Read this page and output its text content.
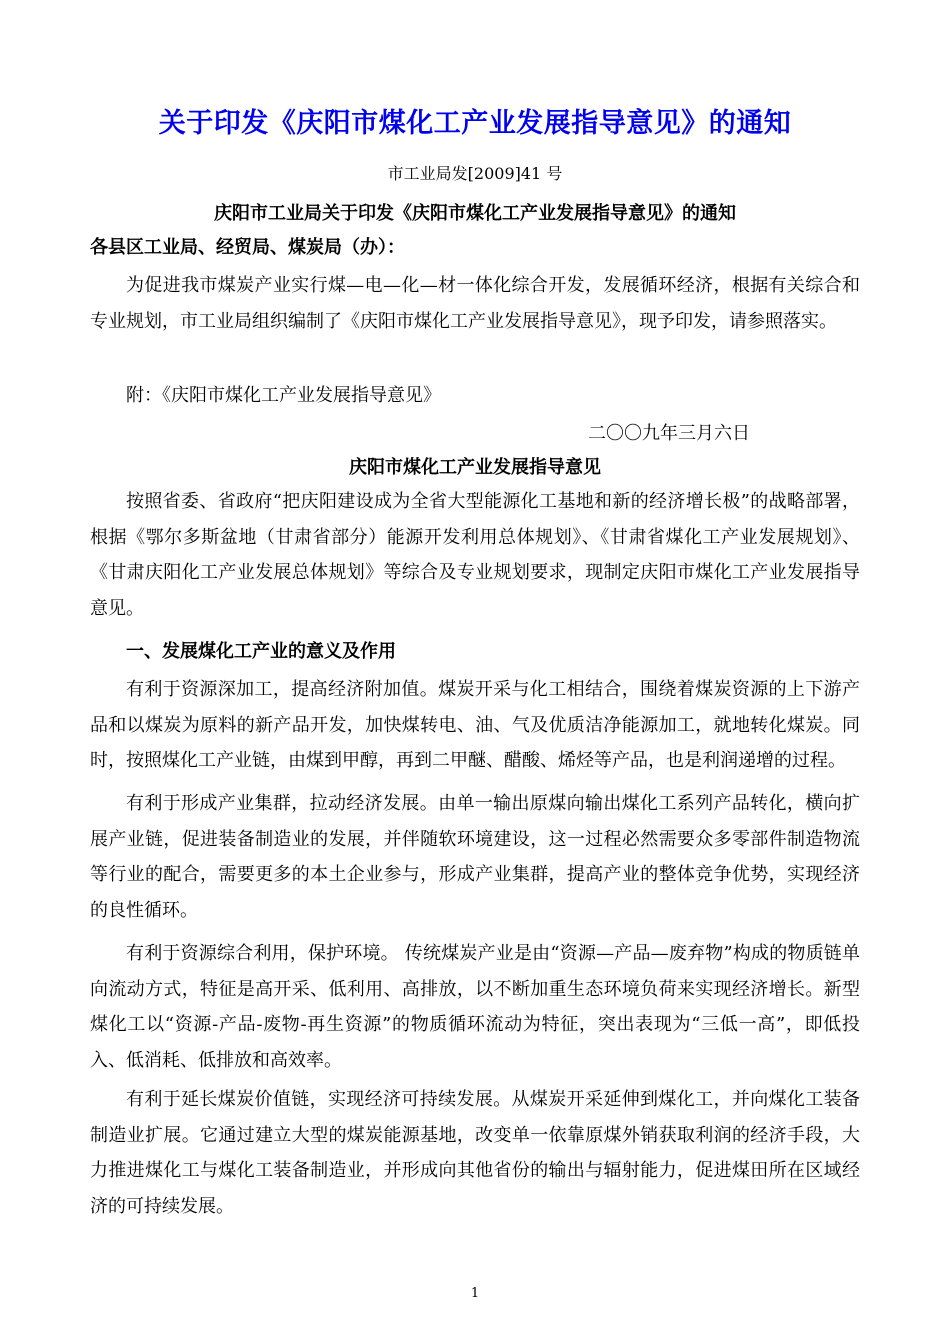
关于印发《庆阳市煤化工产业发展指导意见》的通知
市工业局发[2009]41 号
庆阳市工业局关于印发《庆阳市煤化工产业发展指导意见》的通知
各县区工业局、经贸局、煤炭局（办）：
为促进我市煤炭产业实行煤—电—化—材一体化综合开发，发展循环经济，根据有关综合和专业规划，市工业局组织编制了《庆阳市煤化工产业发展指导意见》，现予印发，请参照落实。
附：《庆阳市煤化工产业发展指导意见》
二〇〇九年三月六日
庆阳市煤化工产业发展指导意见
按照省委、省政府“把庆阳建设成为全省大型能源化工基地和新的经济增长极”的战略部署，根据《鄂尔多斯盆地（甘肃省部分）能源开发利用总体规划》、《甘肃省煤化工产业发展规划》、《甘肃庆阳化工产业发展总体规划》等综合及专业规划要求，现制定庆阳市煤化工产业发展指导意见。
一、发展煤化工产业的意义及作用
有利于资源深加工，提高经济附加值。煤炭开采与化工相结合，围绕着煤炭资源的上下游产品和以煤炭为原料的新产品开发，加快煤转电、油、气及优质洁净能源加工，就地转化煤炭。同时，按照煤化工产业链，由煤到甲醇，再到二甲醚、醋酸、烯烃等产品，也是利润递增的过程。
有利于形成产业集群，拉动经济发展。由单一输出原煤向输出煤化工系列产品转化，横向扩展产业链，促进装备制造业的发展，并伴随软环境建设，这一过程必然需要众多零部件制造物流等行业的配合，需要更多的本土企业参与，形成产业集群，提高产业的整体竞争优势，实现经济的良性循环。
有利于资源综合利用，保护环境。 传统煤炭产业是由“资源—产品—废弃物”构成的物质链单向流动方式，特征是高开采、低利用、高排放，以不断加重生态环境负荷来实现经济增长。新型煤化工以“资源-产品-废物-再生资源”的物质循环流动为特征，突出表现为“三低一高”，即低投入、低消耗、低排放和高效率。
有利于延长煤炭价值链，实现经济可持续发展。从煤炭开采延伸到煤化工，并向煤化工装备制造业扩展。它通过建立大型的煤炭能源基地，改变单一依靠原煤外销获取利润的经济手段，大力推进煤化工与煤化工装备制造业，并形成向其他省份的输出与辐射能力，促进煤田所在区域经济的可持续发展。
1
